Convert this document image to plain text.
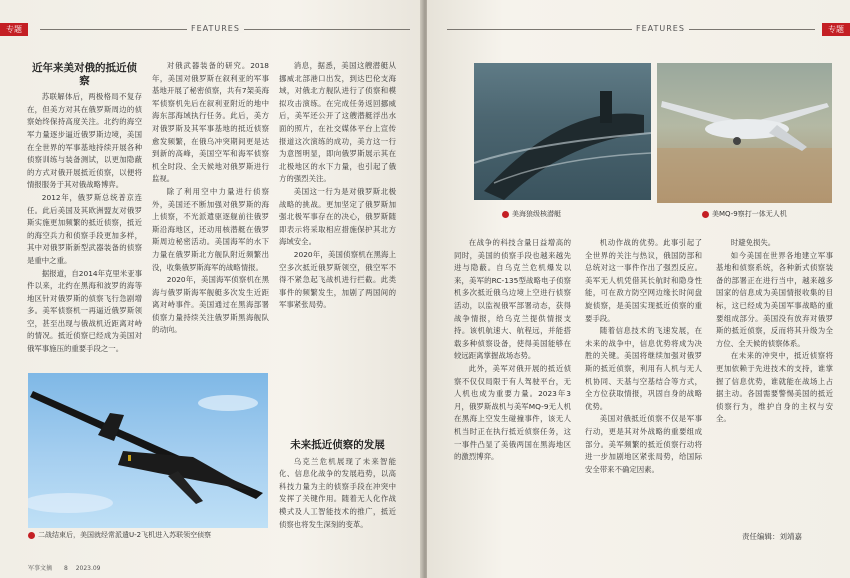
专题	FEATURES
近年来美对俄的抵近侦察

苏联解体后，两极格局不复存在，但美方对其在俄罗斯周边的侦察始终保持高度关注。北约的海空军力量逐步逼近俄罗斯边境，美国在全世界的军事基地持续开展各种侦察训练与装备测试，以更加隐蔽的方式对俄开展抵近侦察，以便将情报服务于其对俄战略博弈。

2012年，俄罗斯总统普京连任。此后美国及其欧洲盟友对俄罗斯实施更加频繁的抵近侦察，抵近的海空兵力和侦察手段更加多样，其中对俄罗斯新型武器装备的侦察是重中之重。

据报道，自2014年克里米亚事件以来，北约在黑海和波罗的海等地区针对俄罗斯的侦察飞行急剧增多。美军侦察机一再逼近俄罗斯领空，甚至出现与俄战机近距离对峙的情况。抵近侦察已经成为美国对俄军事施压的重要手段之一。

对俄武器装备的研究。2018年，美国对俄罗斯在叙利亚的军事基地开展了秘密侦察，共有7架美海军侦察机先后在叙利亚附近的地中海东部海域执行任务。此后，美方对俄罗斯及其军事基地的抵近侦察愈发频繁，在俄乌冲突期间更是达到新的高峰，美国空军和海军侦察机全时段、全天候地对俄罗斯进行监视。

除了利用空中力量进行侦察外，美国还不断加强对俄罗斯的海上侦察，不光派遣驱逐舰前往俄罗斯沿海地区，还动用核潜艇在俄罗斯周边秘密活动。美国海军的水下力量在俄罗斯北方舰队附近频繁出没，收集俄罗斯海军的战略情报。

2020年，美国海军侦察机在黑海与俄罗斯海军舰艇多次发生近距离对峙事件。美国通过在黑海部署侦察力量持续关注俄罗斯黑海舰队的动向。

消息，据悉，美国这艘潜艇从挪威北部港口出发，到达巴伦支海域，对俄北方舰队进行了侦察和模拟攻击演练。在完成任务返回挪威后，美军还公开了这艘潜艇浮出水面的照片，在社交媒体平台上宣传报道这次演练的成功，美方这一行为意图明显，即向俄罗斯展示其在北极地区的水下力量，也引起了俄方的强烈关注。

美国这一行为是对俄罗斯北极战略的挑战。更加坚定了俄罗斯加强北极军事存在的决心，俄罗斯随即表示将采取相应措施保护其北方海域安全。

2020年，美国侦察机在黑海上空多次抵近俄罗斯领空，俄空军不得不紧急起飞战机进行拦截。此类事件的频繁发生，加剧了两国间的军事紧张局势。

未来抵近侦察的发展

乌克兰危机展现了未来智能化、信息化战争的发展趋势，以高科技力量为主的侦察手段在冲突中发挥了关键作用。随着无人化作战模式及人工智能技术的推广，抵近侦察也将发生深刻的变革。

二战结束后，美国就经常派遣U-2飞机进入苏联领空侦察
军事文摘 8 2023.09
FEATURES	专题
美海狼级核潜艇	美MQ-9察打一体无人机

在战争的科技含量日益增高的同时，美国的侦察手段也越来越先进与隐蔽。自乌克兰危机爆发以来，美军的RC-135型战略电子侦察机多次抵近俄乌边境上空进行侦察活动，以监视俄军部署动态，获得战争情报，给乌克兰提供情报支持。该机航速大、航程远，并能搭载多种侦察设备，使得美国能够在较远距离掌握战场态势。

此外，美军对俄开展的抵近侦察不仅仅局限于有人驾驶平台，无人机也成为重要力量。2023年3月，俄罗斯战机与美军MQ-9无人机在黑海上空发生碰撞事件，该无人机当时正在执行抵近侦察任务，这一事件凸显了美俄两国在黑海地区的激烈博弈。

机动作战的优势。此事引起了全世界的关注与热议，俄国防部和总统对这一事件作出了强烈反应。美军无人机凭借其长航时和隐身性能，可在敌方防空网边缘长时间盘旋侦察，是美国实现抵近侦察的重要手段。

随着信息技术的飞速发展，在未来的战争中，信息优势将成为决胜的关键。美国将继续加强对俄罗斯的抵近侦察，利用有人机与无人机协同、天基与空基结合等方式，全方位获取情报，巩固自身的战略优势。

美国对俄抵近侦察不仅是军事行动，更是其对外战略的重要组成部分。美军频繁的抵近侦察行动将进一步加剧地区紧张局势，给国际安全带来不确定因素。

时避免损失。

如今美国在世界各地建立军事基地和侦察系统，各种新式侦察装备的部署正在进行当中，越来越多国家的信息成为美国情报收集的目标，这已经成为美国军事战略的重要组成部分。美国没有放弃对俄罗斯的抵近侦察，反而将其升级为全方位、全天候的侦察体系。

在未来的冲突中，抵近侦察将更加依赖于先进技术的支持，谁掌握了信息优势，谁就能在战场上占据主动。各国需要警惕美国的抵近侦察行为，维护自身的主权与安全。

责任编辑：刘靖嘉
